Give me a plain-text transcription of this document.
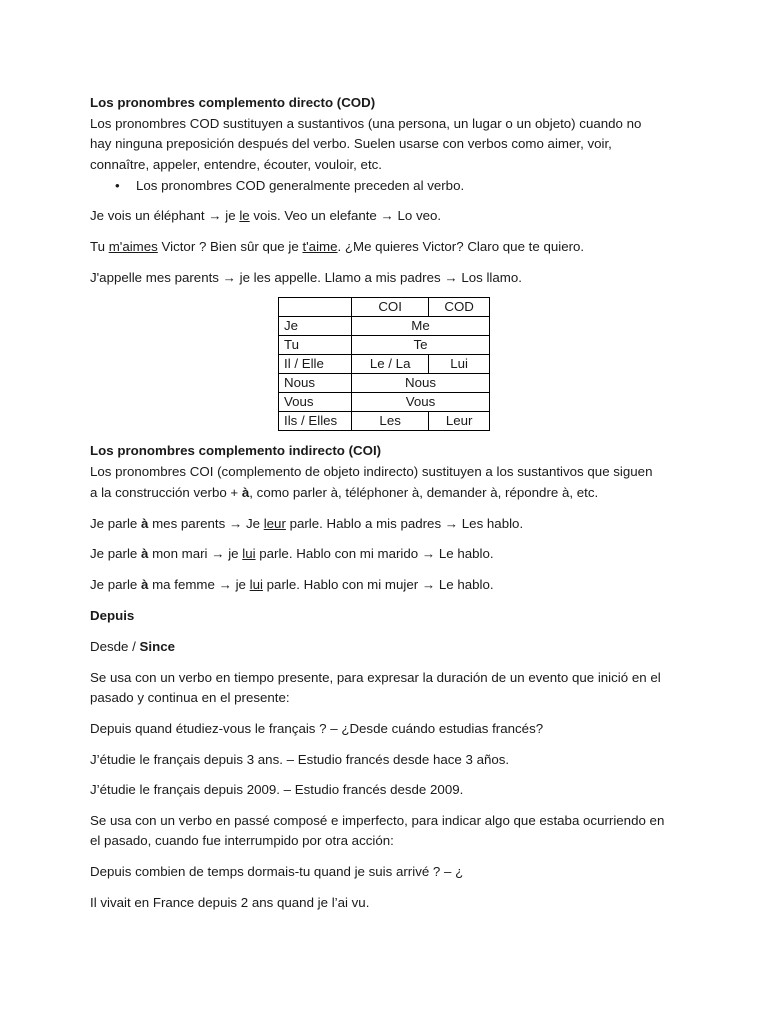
Los pronombres complemento directo (COD)
Los pronombres COD sustituyen a sustantivos (una persona, un lugar o un objeto) cuando no
hay ninguna preposición después del verbo. Suelen usarse con verbos como aimer, voir,
connaître, appeler, entendre, écouter, vouloir, etc.
• Los pronombres COD generalmente preceden al verbo.
Je vois un éléphant → je le vois. Veo un elefante → Lo veo.
Tu m'aimes Victor ? Bien sûr que je t'aime. ¿Me quieres Victor? Claro que te quiero.
J'appelle mes parents → je les appelle. Llamo a mis padres → Los llamo.
	COI	COD
Je	Me	
Tu	Te	
Il / Elle	Le / La	Lui
Nous	Nous	
Vous	Vous	
Ils / Elles	Les	Leur
Los pronombres complemento indirecto (COI)
Los pronombres COI (complemento de objeto indirecto) sustituyen a los sustantivos que siguen
a la construcción verbo + à, como parler à, téléphoner à, demander à, répondre à, etc.
Je parle à mes parents → Je leur parle. Hablo a mis padres → Les hablo.
Je parle à mon mari → je lui parle. Hablo con mi marido → Le hablo.
Je parle à ma femme → je lui parle. Hablo con mi mujer → Le hablo.
Depuis
Desde / Since
Se usa con un verbo en tiempo presente, para expresar la duración de un evento que inició en el
pasado y continua en el presente:
Depuis quand étudiez-vous le français ? – ¿Desde cuándo estudias francés?
J’étudie le français depuis 3 ans. – Estudio francés desde hace 3 años.
J’étudie le français depuis 2009. – Estudio francés desde 2009.
Se usa con un verbo en passé composé e imperfecto, para indicar algo que estaba ocurriendo en
el pasado, cuando fue interrumpido por otra acción:
Depuis combien de temps dormais-tu quand je suis arrivé ? – ¿
Il vivait en France depuis 2 ans quand je l’ai vu.
